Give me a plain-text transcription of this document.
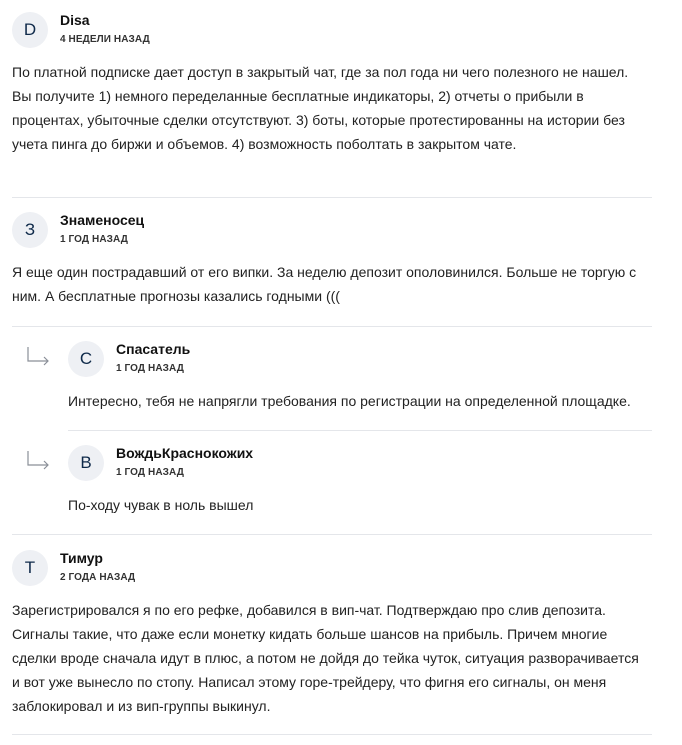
D	Disa
4 НЕДЕЛИ НАЗАД
По платной подписке дает доступ в закрытый чат, где за пол года ни чего полезного не нашел. Вы получите 1) немного переделанные бесплатные индикаторы, 2) отчеты о прибыли в процентах, убыточные сделки отсутствуют. 3) боты, которые протестированны на истории без учета пинга до биржи и объемов. 4) возможность поболтать в закрытом чате.
З	Знаменосец
1 ГОД НАЗАД
Я еще один пострадавший от его випки. За неделю депозит ополовинился. Больше не торгую с ним. А бесплатные прогнозы казались годными (((
С	Спасатель
1 ГОД НАЗАД
Интересно, тебя не напрягли требования по регистрации на определенной площадке.
В	ВождьКраснокожих
1 ГОД НАЗАД
По-ходу чувак в ноль вышел
Т	Тимур
2 ГОДА НАЗАД
Зарегистрировался я по его рефке, добавился в вип-чат. Подтверждаю про слив депозита. Сигналы такие, что даже если монетку кидать больше шансов на прибыль. Причем многие сделки вроде сначала идут в плюс, а потом не дойдя до тейка чуток, ситуация разворачивается и вот уже вынесло по стопу. Написал этому горе-трейдеру, что фигня его сигналы, он меня заблокировал и из вип-группы выкинул.
